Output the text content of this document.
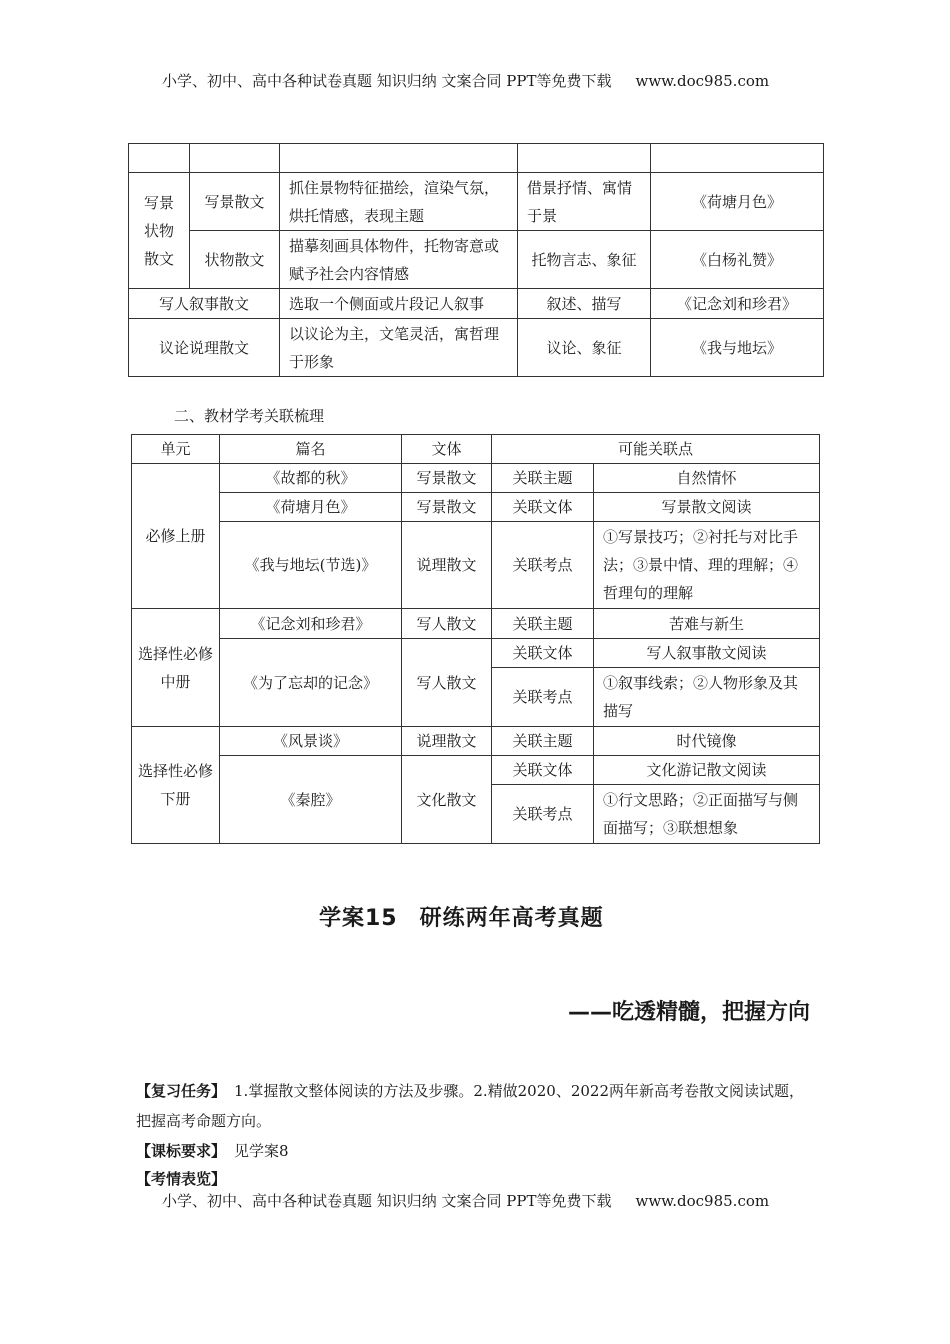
小学、初中、高中各种试卷真题 知识归纳 文案合同 PPT等免费下载 www.doc985.com

写景状物散文	写景散文	抓住景物特征描绘，渲染气氛，烘托情感，表现主题	借景抒情、寓情于景	《荷塘月色》
	状物散文	描摹刻画具体物件，托物寄意或赋予社会内容情感	托物言志、象征	《白杨礼赞》
写人叙事散文		选取一个侧面或片段记人叙事	叙述、描写	《记念刘和珍君》
议论说理散文		以议论为主，文笔灵活，寓哲理于形象	议论、象征	《我与地坛》
二、教材学考关联梳理
单元	篇名	文体	可能关联点	
必修上册	《故都的秋》	写景散文	关联主题	自然情怀
	《荷塘月色》	写景散文	关联文体	写景散文阅读
	《我与地坛(节选)》	说理散文	关联考点	①写景技巧；②衬托与对比手法；③景中情、理的理解；④哲理句的理解
选择性必修中册	《记念刘和珍君》	写人散文	关联主题	苦难与新生
	《为了忘却的记念》	写人散文	关联文体	写人叙事散文阅读
			关联考点	①叙事线索；②人物形象及其描写
选择性必修下册	《风景谈》	说理散文	关联主题	时代镜像
	《秦腔》	文化散文	关联文体	文化游记散文阅读
			关联考点	①行文思路；②正面描写与侧面描写；③联想想象
学案15 研练两年高考真题
——吃透精髓，把握方向
【复习任务】 1.掌握散文整体阅读的方法及步骤。2.精做2020、2022两年新高考卷散文阅读试题，把握高考命题方向。
【课标要求】 见学案8
【考情表览】
小学、初中、高中各种试卷真题 知识归纳 文案合同 PPT等免费下载 www.doc985.com
